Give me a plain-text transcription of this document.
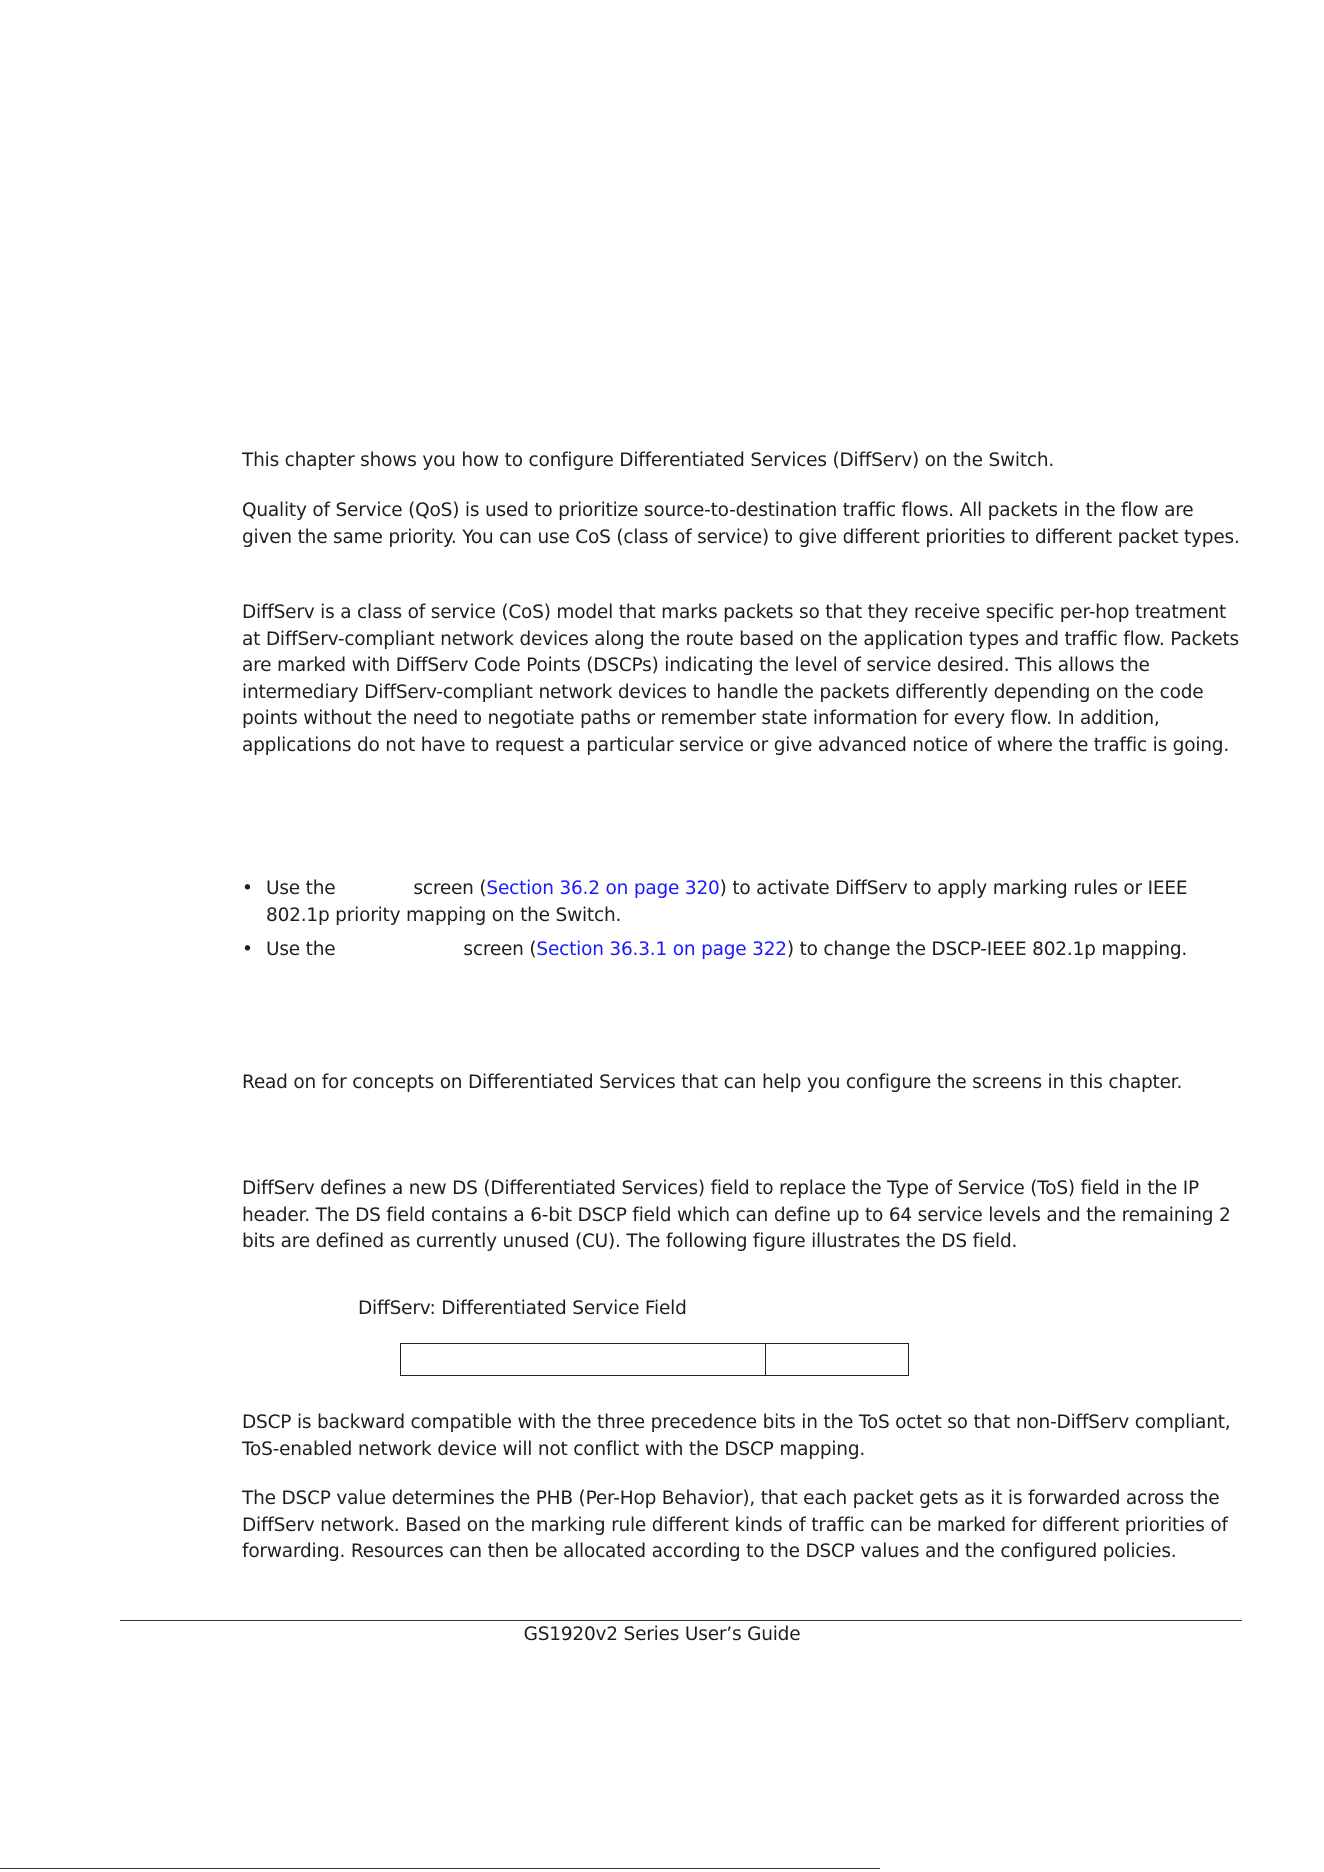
This chapter shows you how to configure Differentiated Services (DiffServ) on the Switch.

Quality of Service (QoS) is used to prioritize source-to-destination traffic flows. All packets in the flow are given the same priority. You can use CoS (class of service) to give different priorities to different packet types.

DiffServ is a class of service (CoS) model that marks packets so that they receive specific per-hop treatment at DiffServ-compliant network devices along the route based on the application types and traffic flow. Packets are marked with DiffServ Code Points (DSCPs) indicating the level of service desired. This allows the intermediary DiffServ-compliant network devices to handle the packets differently depending on the code points without the need to negotiate paths or remember state information for every flow. In addition, applications do not have to request a particular service or give advanced notice of where the traffic is going.

• Use the	screen (Section 36.2 on page 320) to activate DiffServ to apply marking rules or IEEE 802.1p priority mapping on the Switch.
• Use the	screen (Section 36.3.1 on page 322) to change the DSCP-IEEE 802.1p mapping.

Read on for concepts on Differentiated Services that can help you configure the screens in this chapter.

DiffServ defines a new DS (Differentiated Services) field to replace the Type of Service (ToS) field in the IP header. The DS field contains a 6-bit DSCP field which can define up to 64 service levels and the remaining 2 bits are defined as currently unused (CU). The following figure illustrates the DS field.

DiffServ: Differentiated Service Field

DSCP is backward compatible with the three precedence bits in the ToS octet so that non-DiffServ compliant, ToS-enabled network device will not conflict with the DSCP mapping.

The DSCP value determines the PHB (Per-Hop Behavior), that each packet gets as it is forwarded across the DiffServ network. Based on the marking rule different kinds of traffic can be marked for different priorities of forwarding. Resources can then be allocated according to the DSCP values and the configured policies.

GS1920v2 Series User’s Guide
